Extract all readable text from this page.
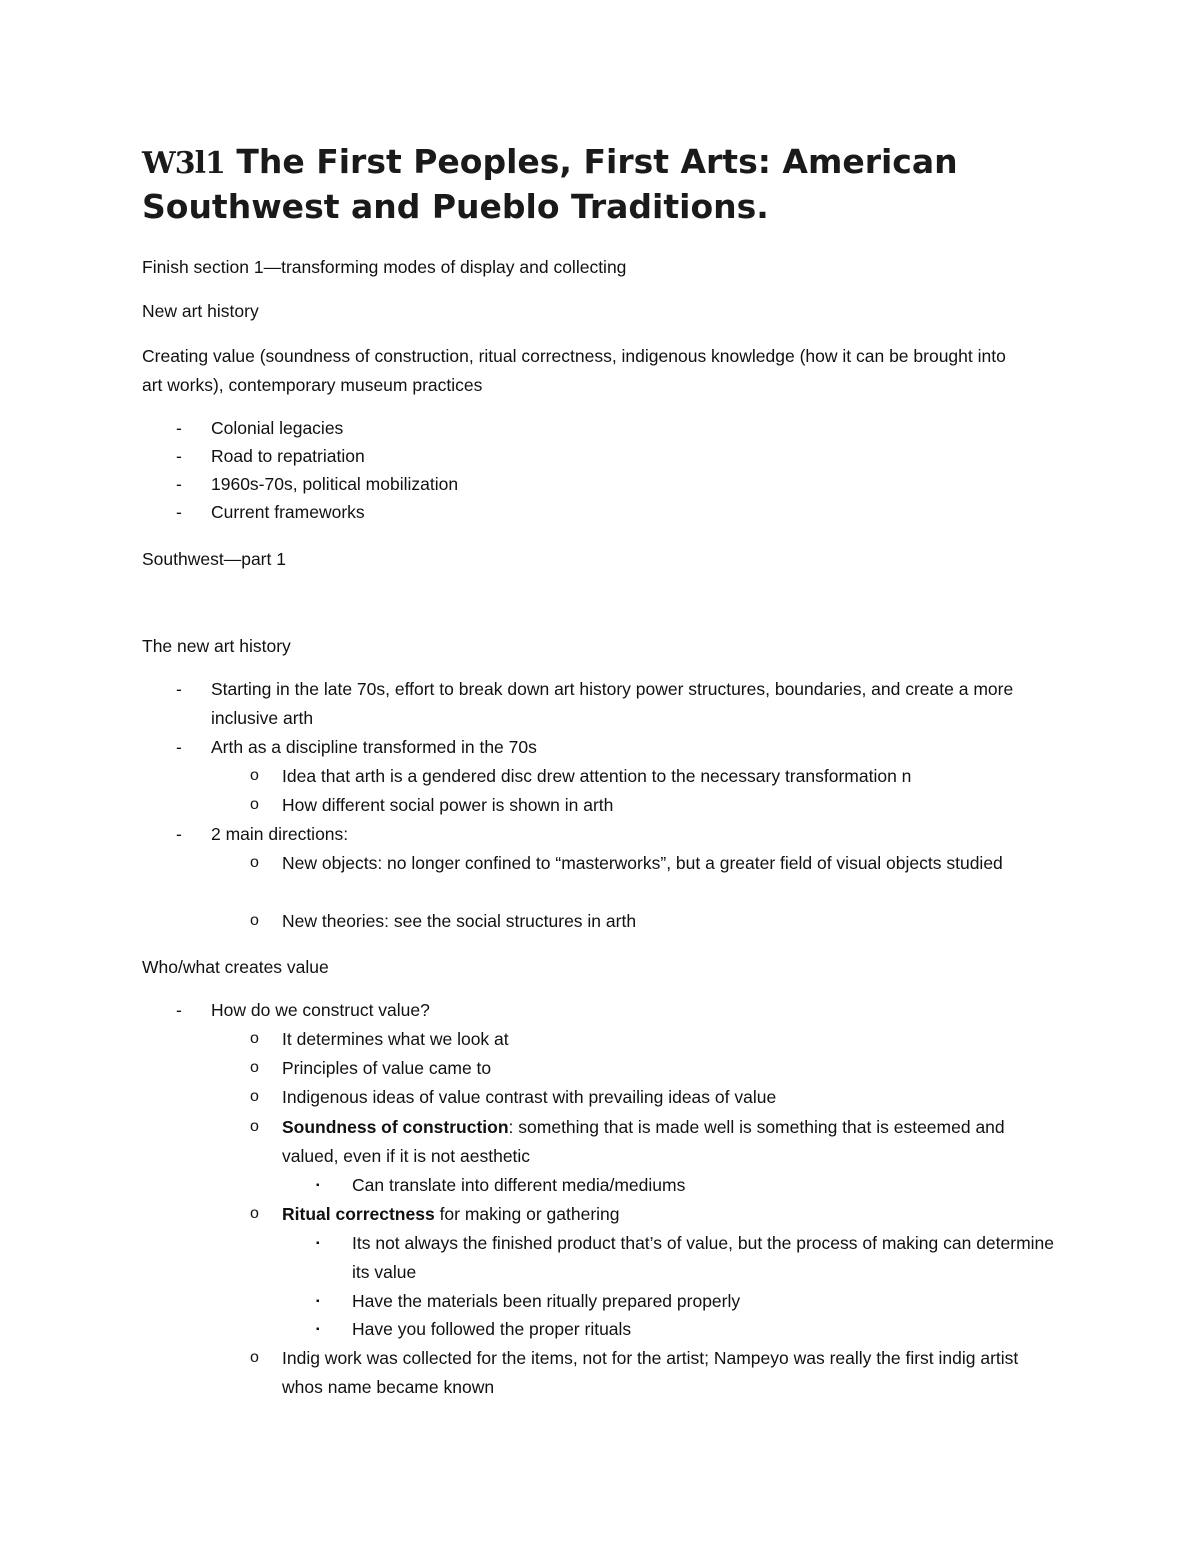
W3l1 The First Peoples, First Arts: American Southwest and Pueblo Traditions.

Finish section 1—transforming modes of display and collecting

New art history

Creating value (soundness of construction, ritual correctness, indigenous knowledge (how it can be brought into art works), contemporary museum practices

- Colonial legacies
- Road to repatriation
- 1960s-70s, political mobilization
- Current frameworks

Southwest—part 1

The new art history

- Starting in the late 70s, effort to break down art history power structures, boundaries, and create a more inclusive arth
- Arth as a discipline transformed in the 70s
o Idea that arth is a gendered disc drew attention to the necessary transformation n
o How different social power is shown in arth
- 2 main directions:
o New objects: no longer confined to “masterworks”, but a greater field of visual objects studied
o New theories: see the social structures in arth

Who/what creates value

- How do we construct value?
o It determines what we look at
o Principles of value came to
o Indigenous ideas of value contrast with prevailing ideas of value
o Soundness of construction: something that is made well is something that is esteemed and valued, even if it is not aesthetic
▪ Can translate into different media/mediums
o Ritual correctness for making or gathering
▪ Its not always the finished product that’s of value, but the process of making can determine its value
▪ Have the materials been ritually prepared properly
▪ Have you followed the proper rituals
o Indig work was collected for the items, not for the artist; Nampeyo was really the first indig artist whos name became known
